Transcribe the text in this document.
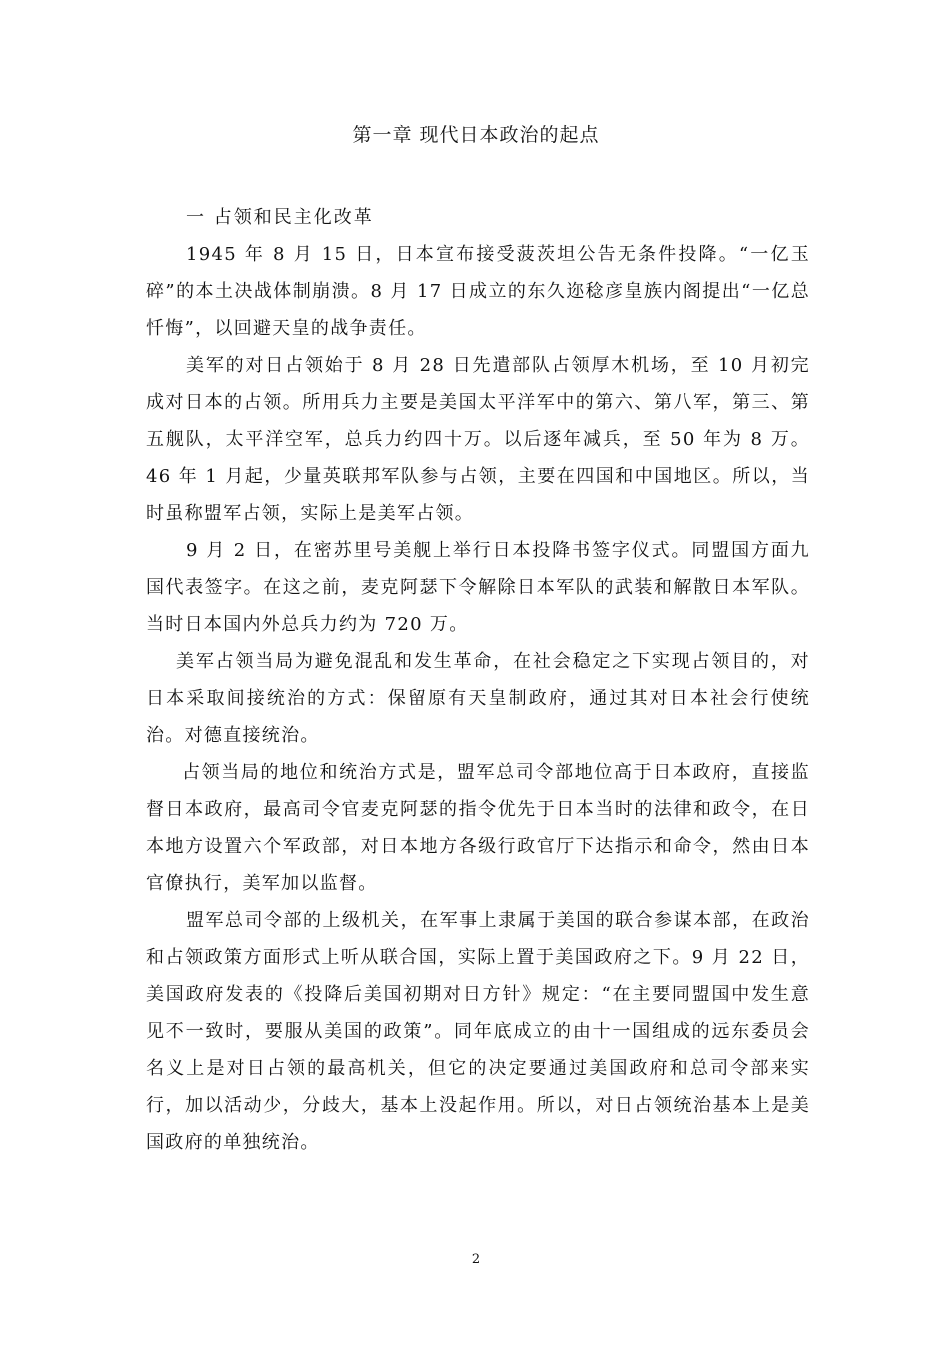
第一章 现代日本政治的起点

一 占领和民主化改革

1945 年 8 月 15 日，日本宣布接受菠茨坦公告无条件投降。“一亿玉碎”的本土决战体制崩溃。8 月 17 日成立的东久迩稔彦皇族内阁提出“一亿总忏悔”，以回避天皇的战争责任。

美军的对日占领始于 8 月 28 日先遣部队占领厚木机场，至 10 月初完成对日本的占领。所用兵力主要是美国太平洋军中的第六、第八军，第三、第五舰队，太平洋空军，总兵力约四十万。以后逐年减兵，至 50 年为 8 万。46 年 1 月起，少量英联邦军队参与占领，主要在四国和中国地区。所以，当时虽称盟军占领，实际上是美军占领。

9 月 2 日，在密苏里号美舰上举行日本投降书签字仪式。同盟国方面九国代表签字。在这之前，麦克阿瑟下令解除日本军队的武装和解散日本军队。当时日本国内外总兵力约为 720 万。

美军占领当局为避免混乱和发生革命，在社会稳定之下实现占领目的，对日本采取间接统治的方式：保留原有天皇制政府，通过其对日本社会行使统治。对德直接统治。

占领当局的地位和统治方式是，盟军总司令部地位高于日本政府，直接监督日本政府，最高司令官麦克阿瑟的指令优先于日本当时的法律和政令，在日本地方设置六个军政部，对日本地方各级行政官厅下达指示和命令，然由日本官僚执行，美军加以监督。

盟军总司令部的上级机关，在军事上隶属于美国的联合参谋本部，在政治和占领政策方面形式上听从联合国，实际上置于美国政府之下。9 月 22 日，美国政府发表的《投降后美国初期对日方针》规定：“在主要同盟国中发生意见不一致时，要服从美国的政策”。同年底成立的由十一国组成的远东委员会名义上是对日占领的最高机关，但它的决定要通过美国政府和总司令部来实行，加以活动少，分歧大，基本上没起作用。所以，对日占领统治基本上是美国政府的单独统治。

2
